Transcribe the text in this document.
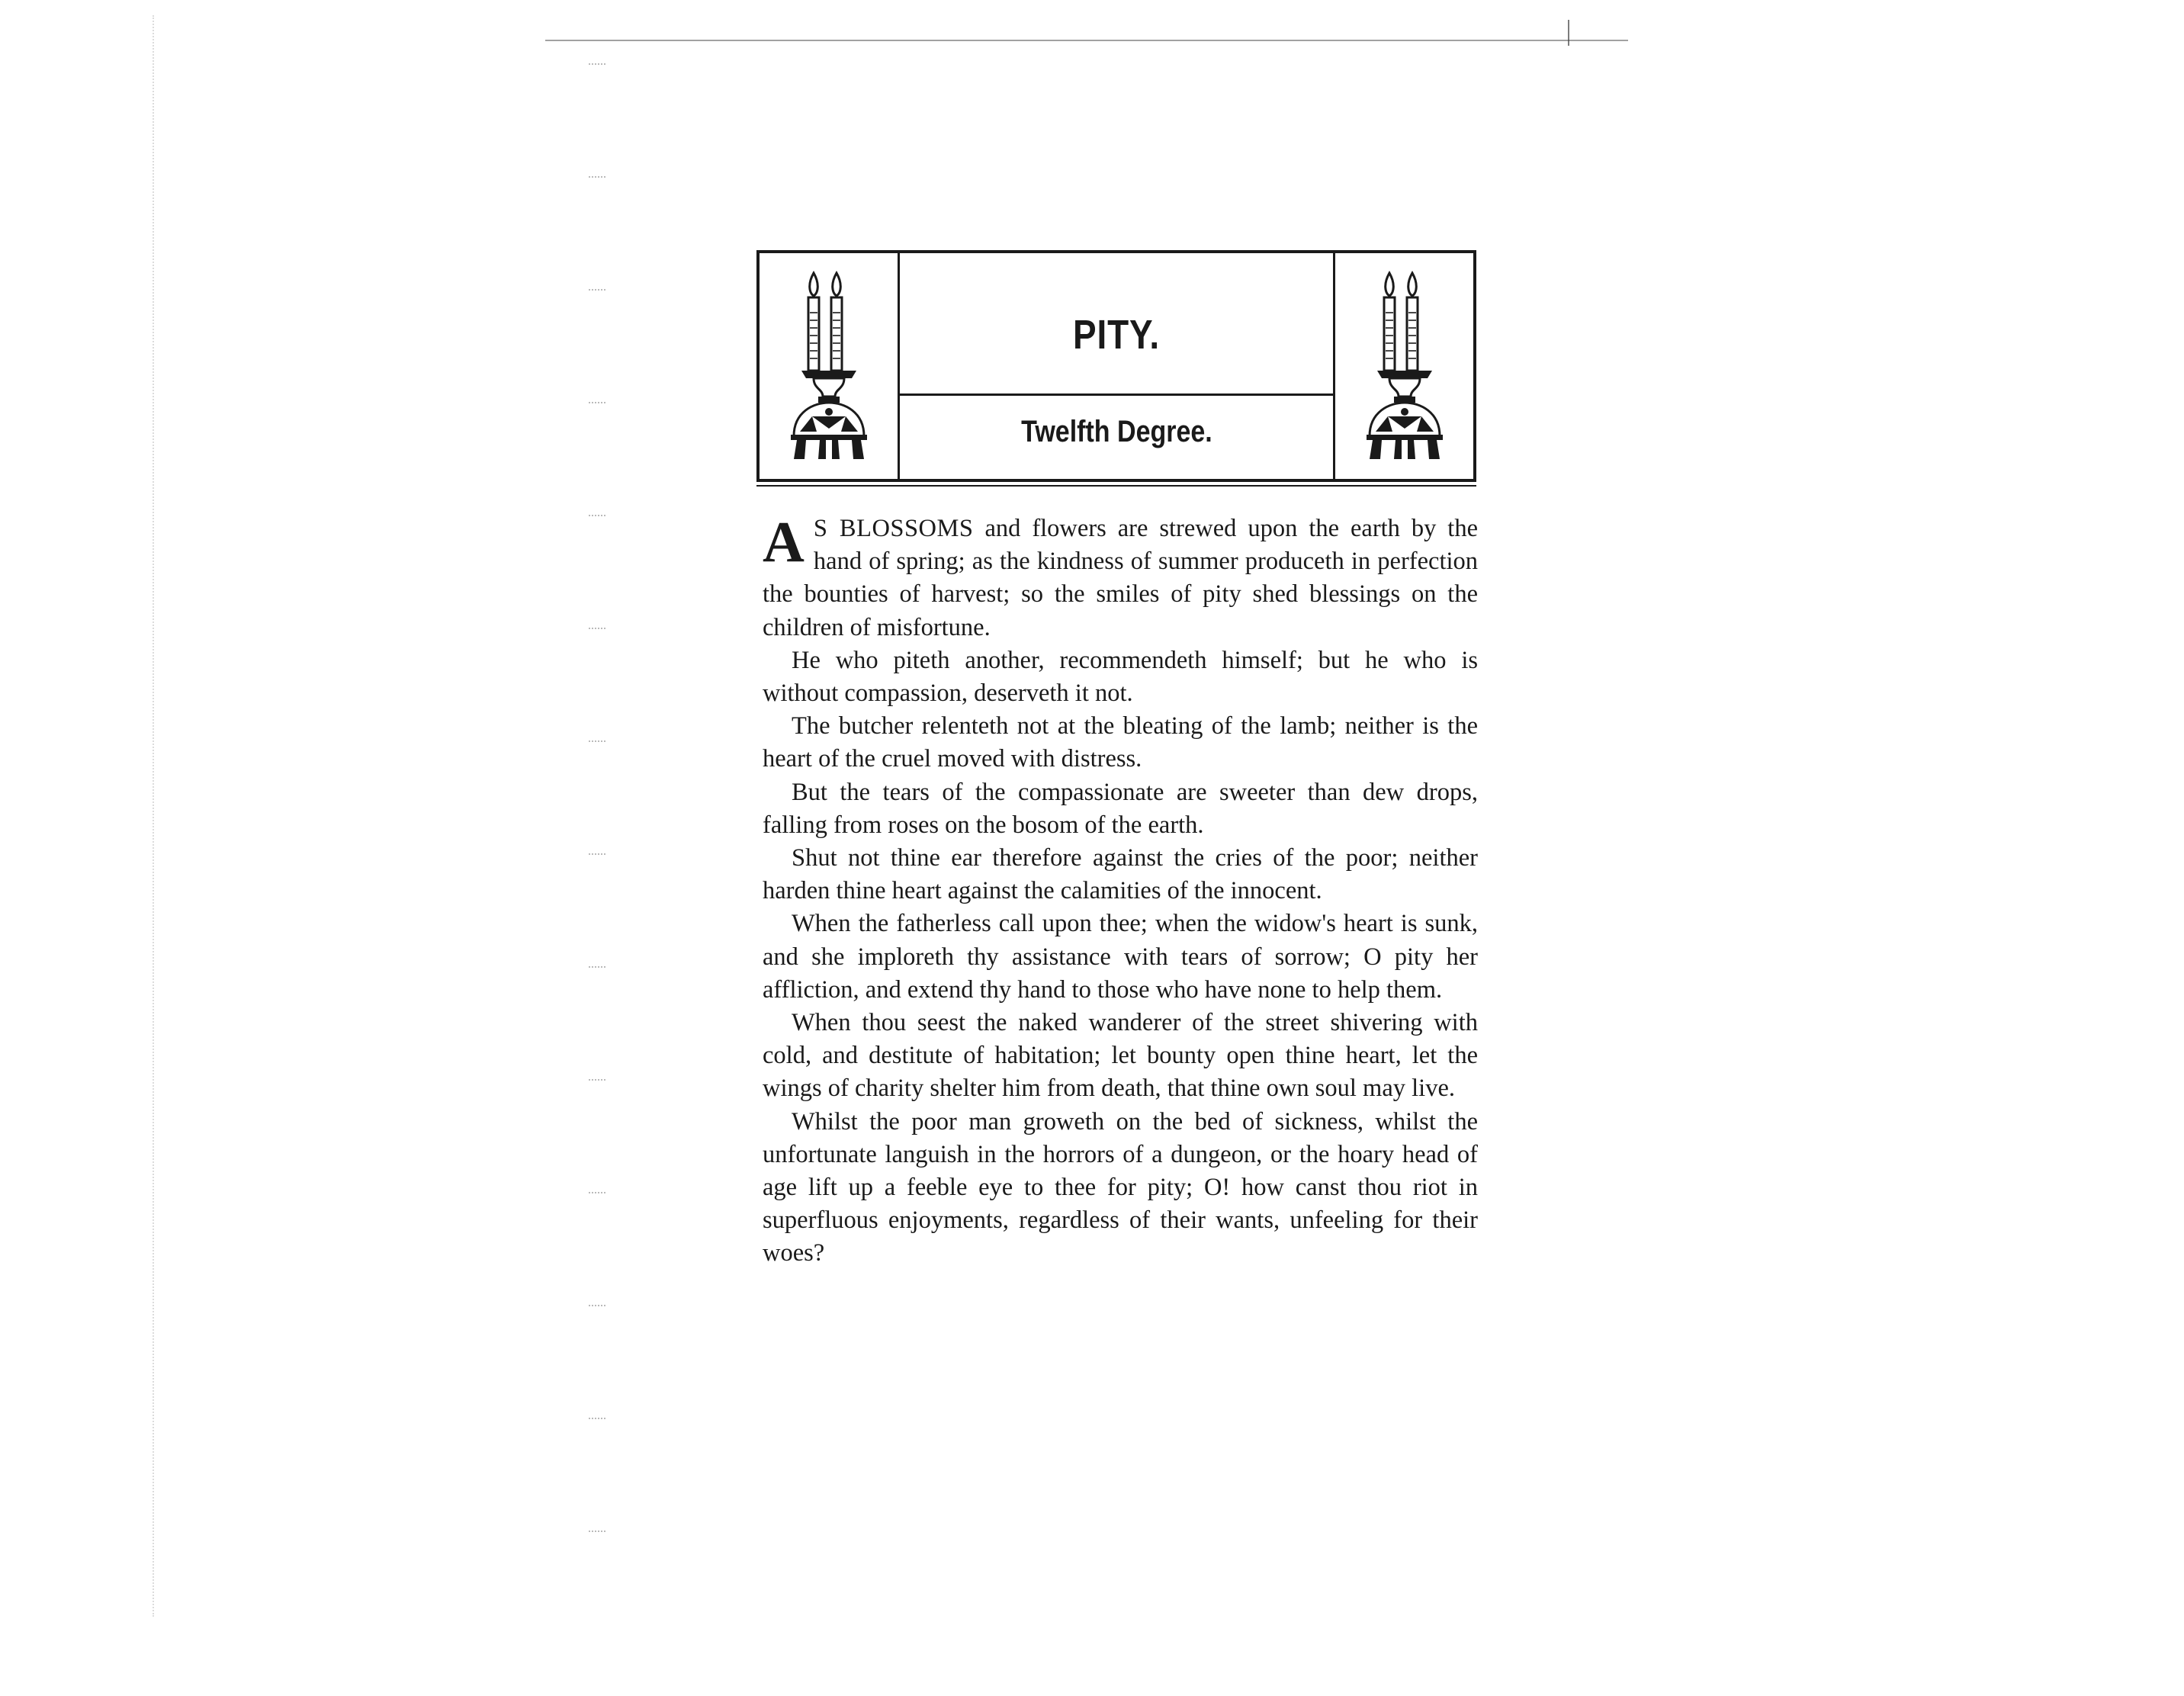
PITY.
Twelfth Degree.

A S BLOSSOMS and flowers are strewed upon the earth by the hand of spring; as the kindness of summer produceth in perfection the bounties of harvest; so the smiles of pity shed blessings on the children of misfortune.

He who piteth another, recommendeth himself; but he who is without compassion, deserveth it not.

The butcher relenteth not at the bleating of the lamb; neither is the heart of the cruel moved with distress.

But the tears of the compassionate are sweeter than dew drops, falling from roses on the bosom of the earth.

Shut not thine ear therefore against the cries of the poor; neither harden thine heart against the calamities of the innocent.

When the fatherless call upon thee; when the widow's heart is sunk, and she imploreth thy assistance with tears of sorrow; O pity her affliction, and extend thy hand to those who have none to help them.

When thou seest the naked wanderer of the street shivering with cold, and destitute of habitation; let bounty open thine heart, let the wings of charity shelter him from death, that thine own soul may live.

Whilst the poor man groweth on the bed of sickness, whilst the unfortunate languish in the horrors of a dungeon, or the hoary head of age lift up a feeble eye to thee for pity; O! how canst thou riot in superfluous enjoyments, regardless of their wants, unfeeling for their woes?
